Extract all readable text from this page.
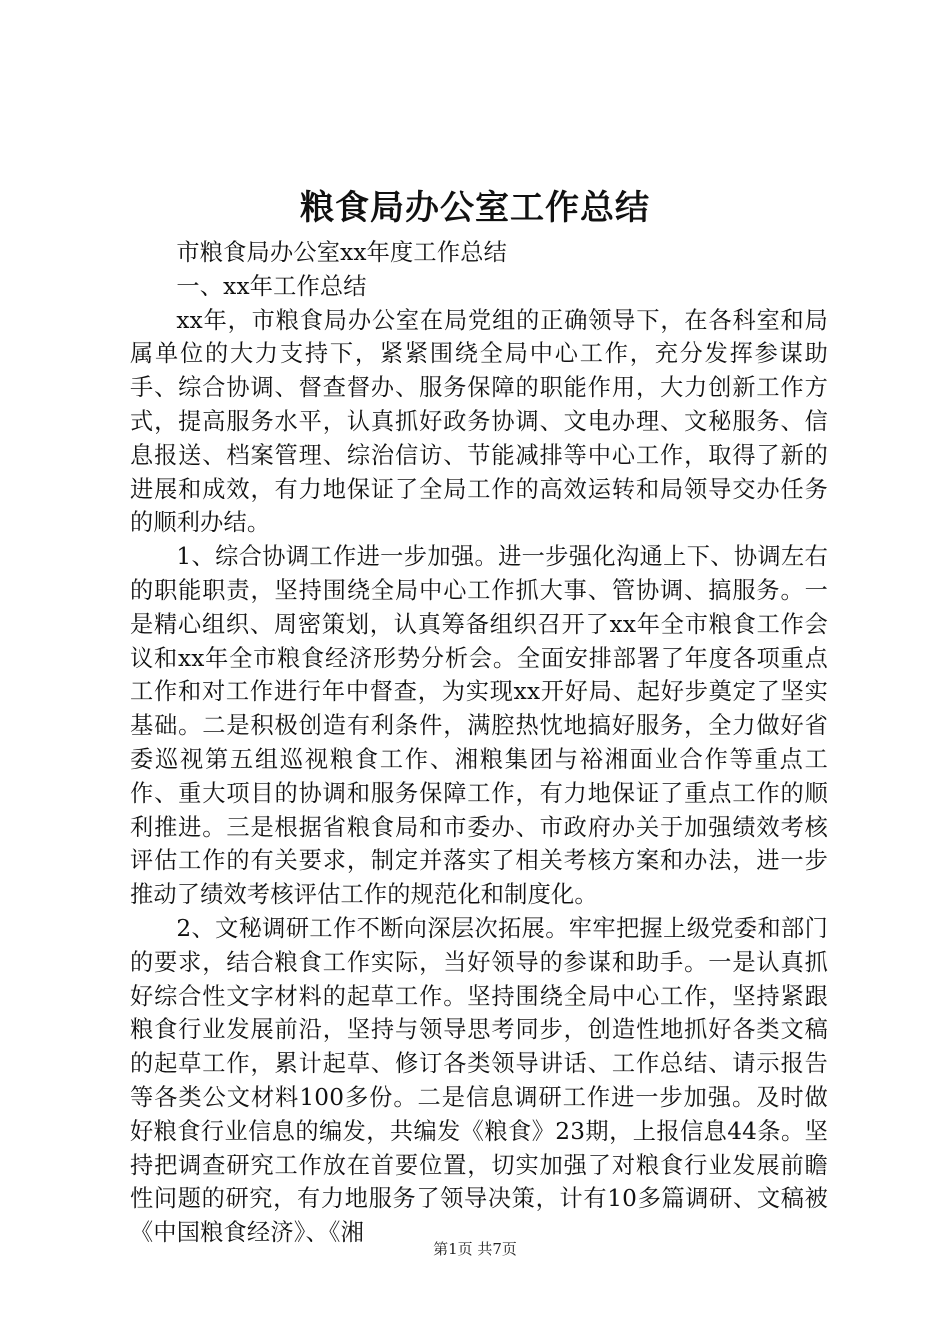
粮食局办公室工作总结

市粮食局办公室xx年度工作总结

一、xx年工作总结

xx年，市粮食局办公室在局党组的正确领导下，在各科室和局属单位的大力支持下，紧紧围绕全局中心工作，充分发挥参谋助手、综合协调、督查督办、服务保障的职能作用，大力创新工作方式，提高服务水平，认真抓好政务协调、文电办理、文秘服务、信息报送、档案管理、综治信访、节能减排等中心工作，取得了新的进展和成效，有力地保证了全局工作的高效运转和局领导交办任务的顺利办结。

1、综合协调工作进一步加强。进一步强化沟通上下、协调左右的职能职责，坚持围绕全局中心工作抓大事、管协调、搞服务。一是精心组织、周密策划，认真筹备组织召开了xx年全市粮食工作会议和xx年全市粮食经济形势分析会。全面安排部署了年度各项重点工作和对工作进行年中督查，为实现xx开好局、起好步奠定了坚实基础。二是积极创造有利条件，满腔热忱地搞好服务，全力做好省委巡视第五组巡视粮食工作、湘粮集团与裕湘面业合作等重点工作、重大项目的协调和服务保障工作，有力地保证了重点工作的顺利推进。三是根据省粮食局和市委办、市政府办关于加强绩效考核评估工作的有关要求，制定并落实了相关考核方案和办法，进一步推动了绩效考核评估工作的规范化和制度化。

2、文秘调研工作不断向深层次拓展。牢牢把握上级党委和部门的要求，结合粮食工作实际，当好领导的参谋和助手。一是认真抓好综合性文字材料的起草工作。坚持围绕全局中心工作，坚持紧跟粮食行业发展前沿，坚持与领导思考同步，创造性地抓好各类文稿的起草工作，累计起草、修订各类领导讲话、工作总结、请示报告等各类公文材料100多份。二是信息调研工作进一步加强。及时做好粮食行业信息的编发，共编发《粮食》23期，上报信息44条。坚持把调查研究工作放在首要位置，切实加强了对粮食行业发展前瞻性问题的研究，有力地服务了领导决策，计有10多篇调研、文稿被《中国粮食经济》、《湘

第1页 共7页
